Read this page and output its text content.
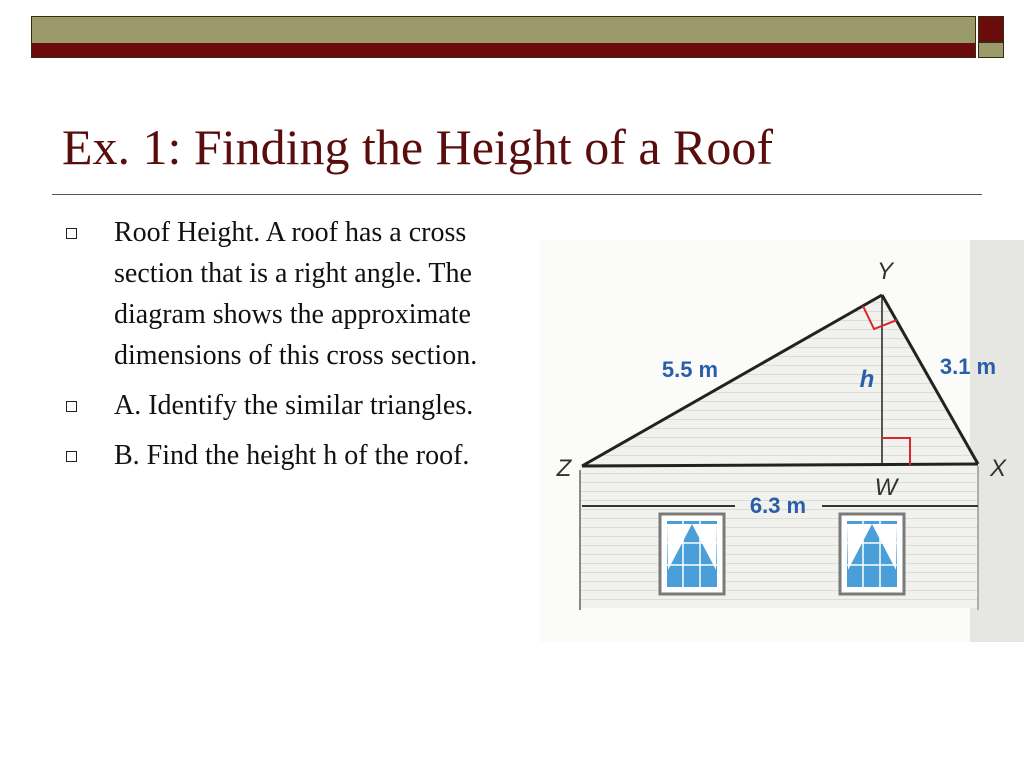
Ex. 1: Finding the Height of a Roof
Roof Height. A roof has a cross section that is a right angle. The diagram shows the approximate dimensions of this cross section.
A. Identify the similar triangles.
B. Find the height h of the roof.
Y
Z	X
W
5.5 m	3.1 m
6.3 m
h
